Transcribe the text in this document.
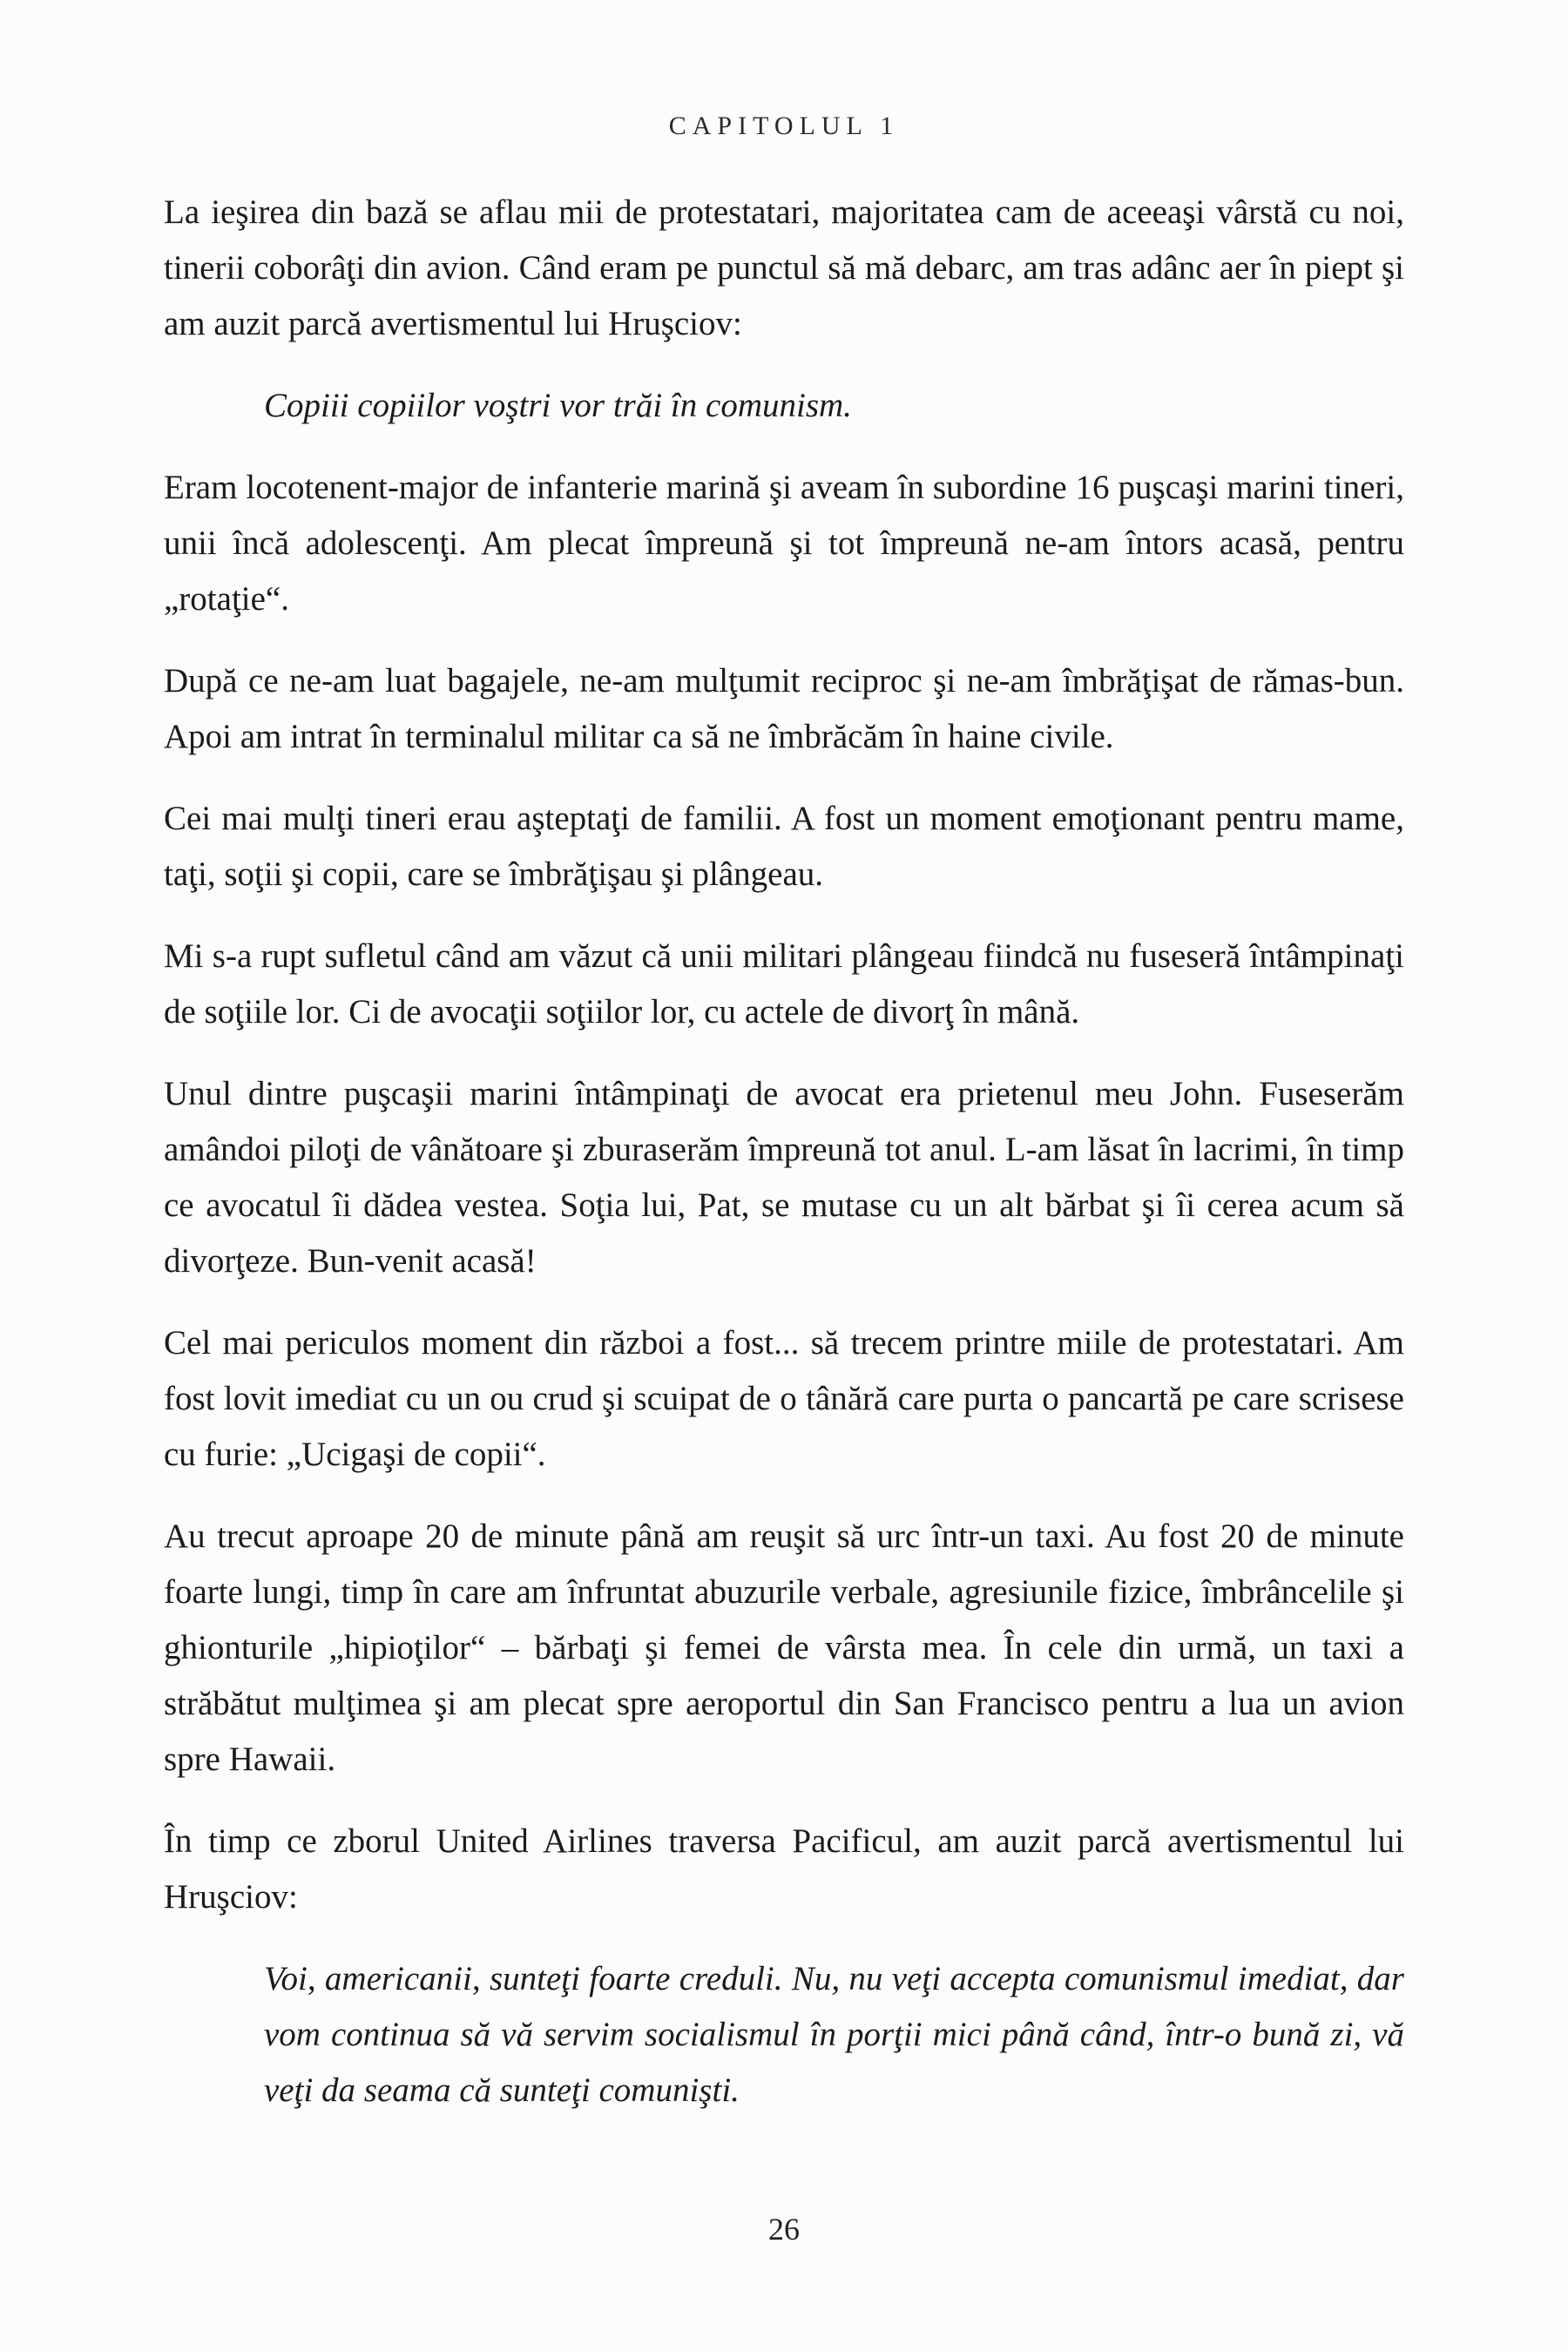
CAPITOLUL 1

La ieşirea din bază se aflau mii de protestatari, majoritatea cam de aceeaşi vârstă cu noi, tinerii coborâţi din avion. Când eram pe punctul să mă debarc, am tras adânc aer în piept şi am auzit parcă avertismentul lui Hruşciov:

Copiii copiilor voştri vor trăi în comunism.

Eram locotenent-major de infanterie marină şi aveam în subordine 16 puşcaşi marini tineri, unii încă adolescenţi. Am plecat împreună şi tot împreună ne-am întors acasă, pentru „rotaţie“.

După ce ne-am luat bagajele, ne-am mulţumit reciproc şi ne-am îmbrăţişat de rămas-bun. Apoi am intrat în terminalul militar ca să ne îmbrăcăm în haine civile.

Cei mai mulţi tineri erau aşteptaţi de familii. A fost un moment emoţionant pentru mame, taţi, soţii şi copii, care se îmbrăţişau şi plângeau.

Mi s-a rupt sufletul când am văzut că unii militari plângeau fiindcă nu fuseseră întâmpinaţi de soţiile lor. Ci de avocaţii soţiilor lor, cu actele de divorţ în mână.

Unul dintre puşcaşii marini întâmpinaţi de avocat era prietenul meu John. Fuseserăm amândoi piloţi de vânătoare şi zburaserăm împreună tot anul. L-am lăsat în lacrimi, în timp ce avocatul îi dădea vestea. Soţia lui, Pat, se mutase cu un alt bărbat şi îi cerea acum să divorţeze. Bun-venit acasă!

Cel mai periculos moment din război a fost... să trecem printre miile de protestatari. Am fost lovit imediat cu un ou crud şi scuipat de o tânără care purta o pancartă pe care scrisese cu furie: „Ucigaşi de copii“.

Au trecut aproape 20 de minute până am reuşit să urc într-un taxi. Au fost 20 de minute foarte lungi, timp în care am înfruntat abuzurile verbale, agresiunile fizice, îmbrâncelile şi ghionturile „hipioţilor“ – bărbaţi şi femei de vârsta mea. În cele din urmă, un taxi a străbătut mulţimea şi am plecat spre aeroportul din San Francisco pentru a lua un avion spre Hawaii.

În timp ce zborul United Airlines traversa Pacificul, am auzit parcă avertismentul lui Hruşciov:

Voi, americanii, sunteţi foarte creduli. Nu, nu veţi accepta comunismul imediat, dar vom continua să vă servim socialismul în porţii mici până când, într-o bună zi, vă veţi da seama că sunteţi comunişti.

26
